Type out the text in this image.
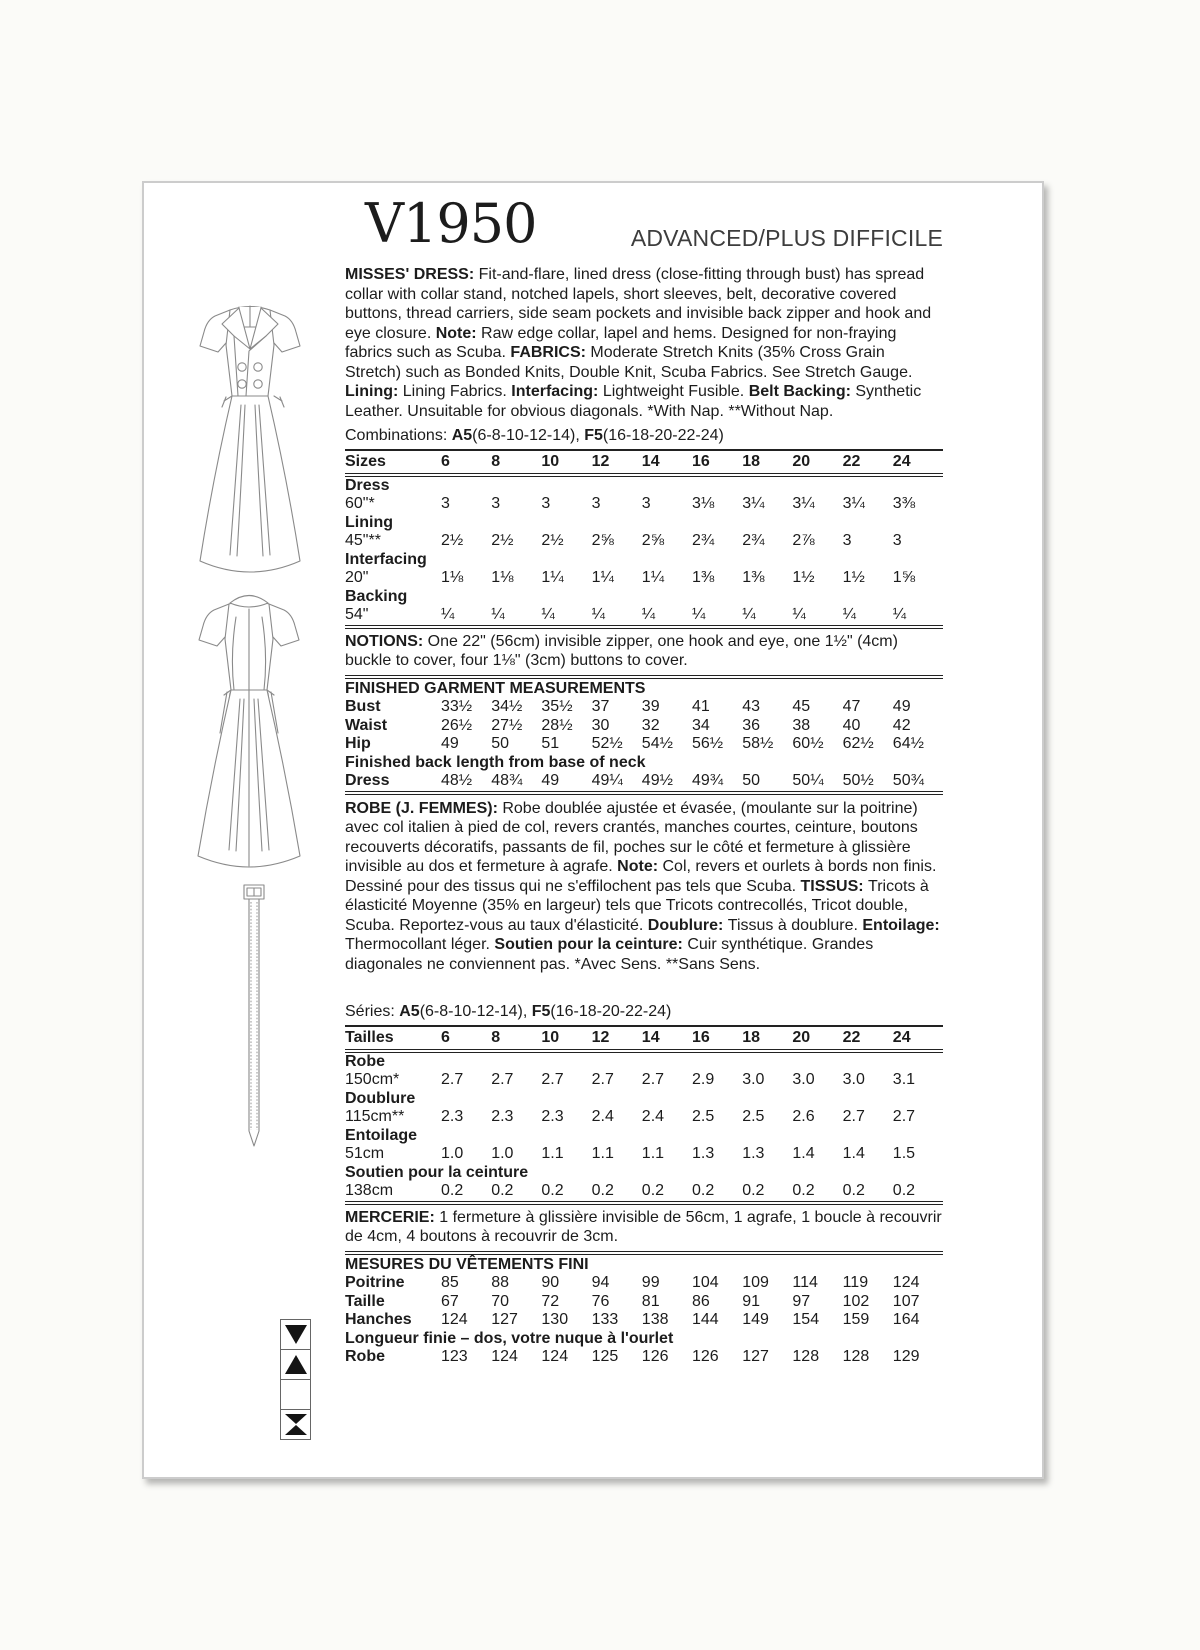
V1950	ADVANCED/PLUS DIFFICILE

MISSES' DRESS: Fit-and-flare, lined dress (close-fitting through bust) has spread collar with collar stand, notched lapels, short sleeves, belt, decorative covered buttons, thread carriers, side seam pockets and invisible back zipper and hook and eye closure. Note: Raw edge collar, lapel and hems. Designed for non-fraying fabrics such as Scuba. FABRICS: Moderate Stretch Knits (35% Cross Grain Stretch) such as Bonded Knits, Double Knit, Scuba Fabrics. See Stretch Gauge. Lining: Lining Fabrics. Interfacing: Lightweight Fusible. Belt Backing: Synthetic Leather. Unsuitable for obvious diagonals. *With Nap. **Without Nap.

Combinations: A5(6-8-10-12-14), F5(16-18-20-22-24)

Sizes	6	8	10	12	14	16	18	20	22	24
Dress
60"*	3	3	3	3	3	3⅛	3¼	3¼	3¼	3⅜
Lining
45"**	2½	2½	2½	2⅝	2⅝	2¾	2¾	2⅞	3	3
Interfacing
20"	1⅛	1⅛	1¼	1¼	1¼	1⅜	1⅜	1½	1½	1⅝
Backing
54"	¼	¼	¼	¼	¼	¼	¼	¼	¼	¼

NOTIONS: One 22" (56cm) invisible zipper, one hook and eye, one 1½" (4cm) buckle to cover, four 1⅛" (3cm) buttons to cover.

FINISHED GARMENT MEASUREMENTS

Bust	33½	34½	35½	37	39	41	43	45	47	49
Waist	26½	27½	28½	30	32	34	36	38	40	42
Hip	49	50	51	52½	54½	56½	58½	60½	62½	64½
Finished back length from base of neck
Dress	48½	48¾	49	49¼	49½	49¾	50	50¼	50½	50¾

ROBE (J. FEMMES): Robe doublée ajustée et évasée, (moulante sur la poitrine) avec col italien à pied de col, revers crantés, manches courtes, ceinture, boutons recouverts décoratifs, passants de fil, poches sur le côté et fermeture à glissière invisible au dos et fermeture à agrafe. Note: Col, revers et ourlets à bords non finis. Dessiné pour des tissus qui ne s'effilochent pas tels que Scuba. TISSUS: Tricots à élasticité Moyenne (35% en largeur) tels que Tricots contrecollés, Tricot double, Scuba. Reportez-vous au taux d'élasticité. Doublure: Tissus à doublure. Entoilage: Thermocollant léger. Soutien pour la ceinture: Cuir synthétique. Grandes diagonales ne conviennent pas. *Avec Sens. **Sans Sens.

Séries: A5(6-8-10-12-14), F5(16-18-20-22-24)

Tailles	6	8	10	12	14	16	18	20	22	24
Robe
150cm*	2.7	2.7	2.7	2.7	2.7	2.9	3.0	3.0	3.0	3.1
Doublure
115cm**	2.3	2.3	2.3	2.4	2.4	2.5	2.5	2.6	2.7	2.7
Entoilage
51cm	1.0	1.0	1.1	1.1	1.1	1.3	1.3	1.4	1.4	1.5
Soutien pour la ceinture
138cm	0.2	0.2	0.2	0.2	0.2	0.2	0.2	0.2	0.2	0.2

MERCERIE: 1 fermeture à glissière invisible de 56cm, 1 agrafe, 1 boucle à recouvrir de 4cm, 4 boutons à recouvrir de 3cm.

MESURES DU VÊTEMENTS FINI

Poitrine	85	88	90	94	99	104	109	114	119	124
Taille	67	70	72	76	81	86	91	97	102	107
Hanches	124	127	130	133	138	144	149	154	159	164
Longueur finie – dos, votre nuque à l'ourlet
Robe	123	124	124	125	126	126	127	128	128	129
